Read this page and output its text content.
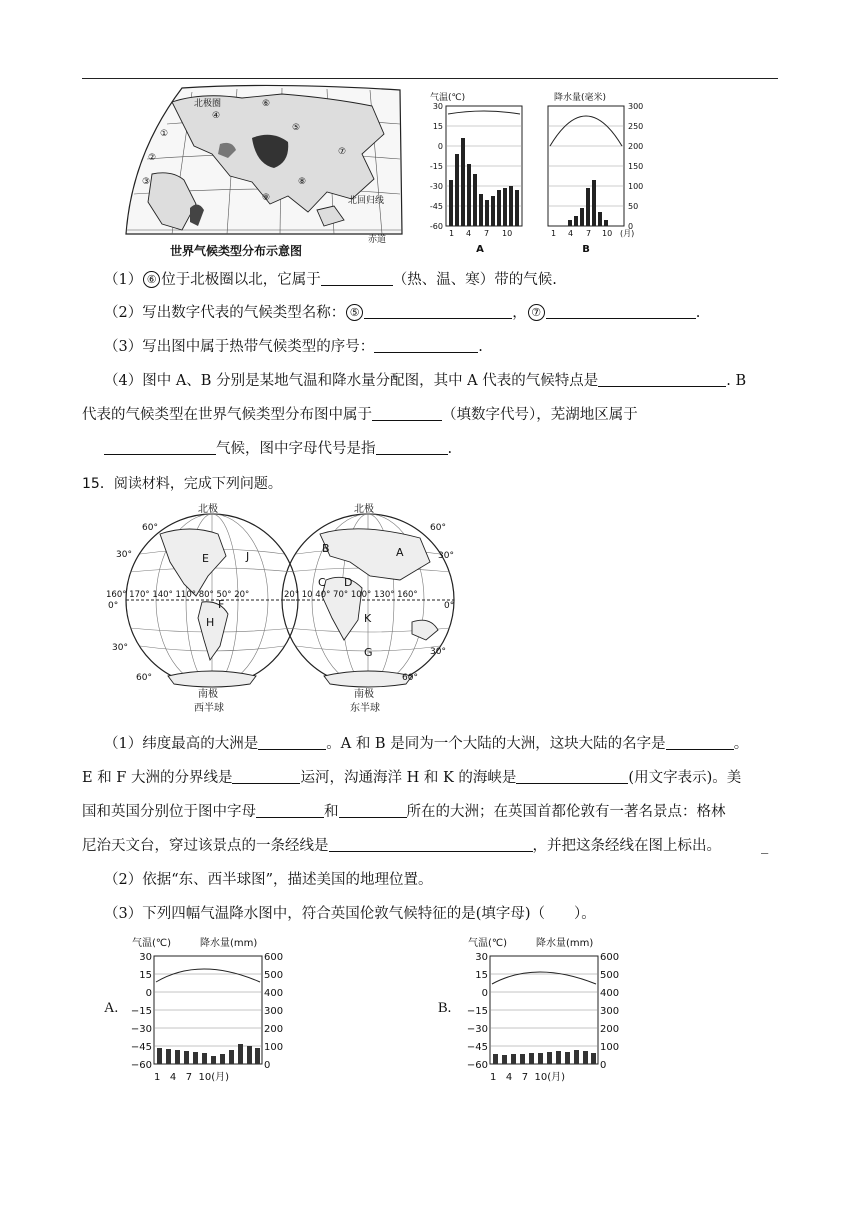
北极圈
①
②
③
④
⑤
⑥
⑦
⑧
⑨	北回归线
赤道
世界气候类型分布示意图
气温(℃)
30
15
0
-15
-30
-45
-60
1 4 7 10
A
降水量(毫米)
300
250
200
150
100
50
0
1 4 7 10 (月)
B
（1） ⑥ 位于北极圈以北，它属于	（热、温、寒）带的气候.
（2）写出数字代表的气候类型名称： ⑤	， ⑦	.
（3）写出图中属于热带气候类型的序号：	.
（4）图中 A、B 分别是某地气温和降水量分配图，其中 A 代表的气候特点是	. B
代表的气候类型在世界气候类型分布图中属于	（填数字代号），芜湖地区属于
气候，图中字母代号是指	.
15．阅读材料，完成下列问题。
北极	北极
南极	南极
西半球	东半球
60°
30°
0°
30°
60°
60°
30°
0°
30°
60°
160° 170° 140° 110° 80° 50° 20°	20° 10 40° 70° 100° 130° 160°
E	J
H
F
B	A
C D
K
G
（1）纬度最高的大洲是	。A 和 B 是同为一个大陆的大洲，这块大陆的名字是	。
E 和 F 大洲的分界线是	运河，沟通海洋 H 和 K 的海峡是	(用文字表示)。美
国和英国分别位于图中字母	和	所在的大洲；在英国首都伦敦有一著名景点：格林
尼治天文台，穿过该景点的一条经线是	，并把这条经线在图上标出。	_
（2）依据“东、西半球图”，描述美国的地理位置。
（3）下列四幅气温降水图中，符合英国伦敦气候特征的是(填字母)（　　）。
A.
气温(℃)	降水量(mm)
30
15
0
−15
−30
−45
−60
600
500
400
300
200
100
0
1   4   7  10(月)
B.
气温(℃)	降水量(mm)
30
15
0
−15
−30
−45
−60
600
500
400
300
200
100
0
1   4   7  10(月)
